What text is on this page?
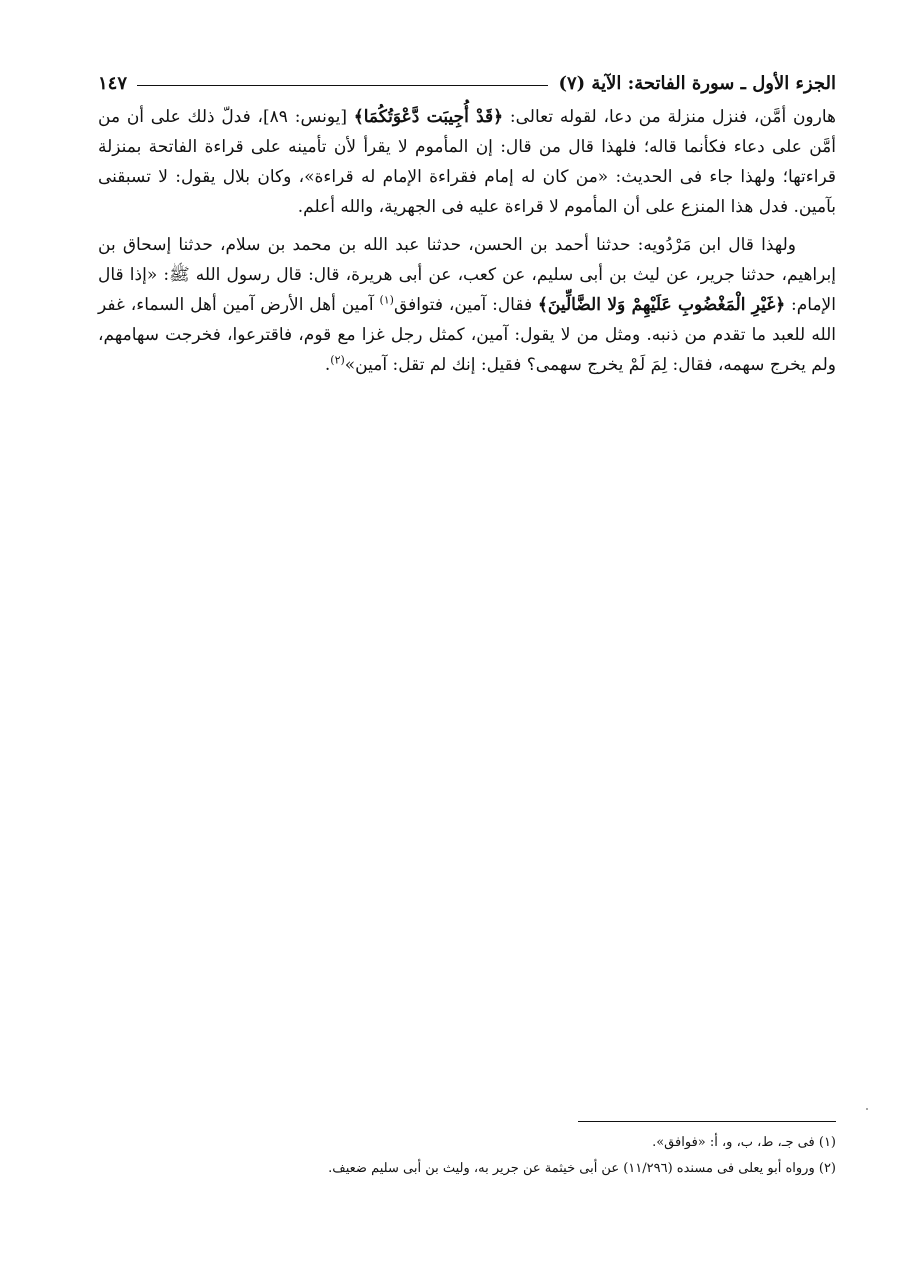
الجزء الأول ـ سورة الفاتحة: الآية (٧)
١٤٧

هارون أمَّن، فنزل منزلة من دعا، لقوله تعالى: ﴿قَدْ أُجِيبَت دَّعْوَتُكُمَا﴾ [يونس: ٨٩]، فدلّ ذلك على أن من أمَّن على دعاء فكأنما قاله؛ فلهذا قال من قال: إن المأموم لا يقرأ لأن تأمينه على قراءة الفاتحة بمنزلة قراءتها؛ ولهذا جاء فى الحديث: «من كان له إمام فقراءة الإمام له قراءة»، وكان بلال يقول: لا تسبقنى بآمين. فدل هذا المنزع على أن المأموم لا قراءة عليه فى الجهرية، والله أعلم.

ولهذا قال ابن مَرْدُويه: حدثنا أحمد بن الحسن، حدثنا عبد الله بن محمد بن سلام، حدثنا إسحاق بن إبراهيم، حدثنا جرير، عن ليث بن أبى سليم، عن كعب، عن أبى هريرة، قال: قال رسول الله ﷺ: «إذا قال الإمام: ﴿غَيْرِ الْمَغْضُوبِ عَلَيْهِمْ وَلا الضَّالِّينَ﴾ فقال: آمين، فتوافق$^{(١)}$ آمين أهل الأرض آمين أهل السماء، غفر الله للعبد ما تقدم من ذنبه. ومثل من لا يقول: آمين، كمثل رجل غزا مع قوم، فاقترعوا، فخرجت سهامهم، ولم يخرج سهمه، فقال: لِمَ لَمْ يخرج سهمى؟ فقيل: إنك لم تقل: آمين»$^{(٢)}$.

(١) فى جـ، ط، ب، و، أ: «فوافق».

(٢) ورواه أبو يعلى فى مسنده (١١/٢٩٦) عن أبى خيثمة عن جرير به، وليث بن أبى سليم ضعيف.
